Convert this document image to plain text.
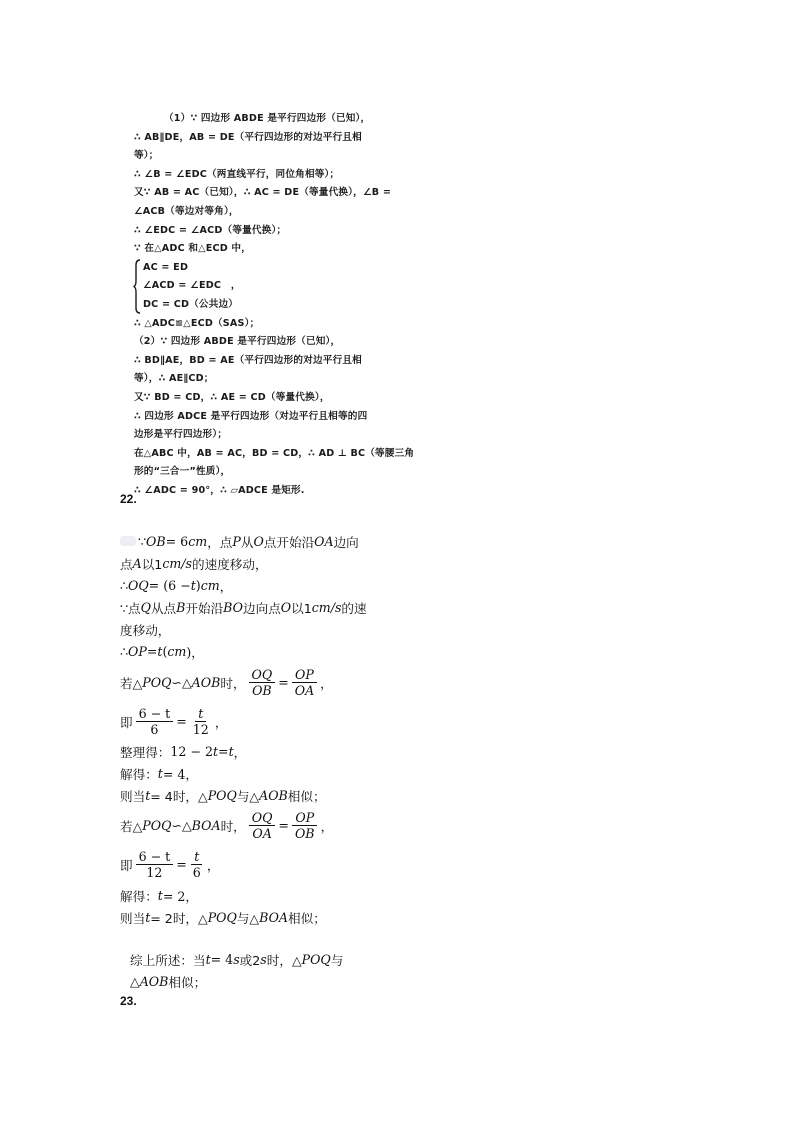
（1）∵ 四边形 ABDE 是平行四边形（已知），
∴ AB∥DE，AB = DE（平行四边形的对边平行且相
等）；
∴ ∠B = ∠EDC（两直线平行，同位角相等）；
又∵ AB = AC（已知），∴ AC = DE（等量代换），∠B =
∠ACB（等边对等角），
∴ ∠EDC = ∠ACD（等量代换）；
∵ 在△ADC 和△ECD 中，
AC = ED
∠ACD = ∠EDC　，
DC = CD（公共边）
∴ △ADC≌△ECD（SAS）；
（2）∵ 四边形 ABDE 是平行四边形（已知），
∴ BD∥AE，BD = AE（平行四边形的对边平行且相
等），∴ AE∥CD；
又∵ BD = CD，∴ AE = CD（等量代换），
∴ 四边形 ADCE 是平行四边形（对边平行且相等的四
边形是平行四边形）；
在△ABC 中，AB = AC，BD = CD，∴ AD ⊥ BC（等腰三角
形的“三合一”性质），
∴ ∠ADC = 90°，∴ ▱ADCE 是矩形.
22.
∵ OB = 6 cm ，点 P 从 O 点开始沿 OA 边向
点 A 以1 cm/s 的速度移动，
∴ OQ = (6 − t ) cm ，
∵点 Q 从点 B 开始沿 BO 边向点 O 以1 cm/s 的速
度移动，
∴ OP = t ( cm )，
若△ POQ ∽△ AOB 时， $\frac{OQ}{OB} = \frac{OP}{OA}$ ，
即 $\frac{6 - t}{6} = \frac{t}{12}$ ，
整理得： 12 − 2 t = t ，
解得： t = 4，
则当 t = 4时，△ POQ 与△ AOB 相似；
若△ POQ ∽△ BOA 时， $\frac{OQ}{OA} = \frac{OP}{OB}$ ，
即 $\frac{6 - t}{12} = \frac{t}{6}$ ，
解得： t = 2，
则当 t = 2时，△ POQ 与△ BOA 相似；
综上所述：当 t = 4 s 或2 s 时，△ POQ 与
△ AOB 相似；
23.
